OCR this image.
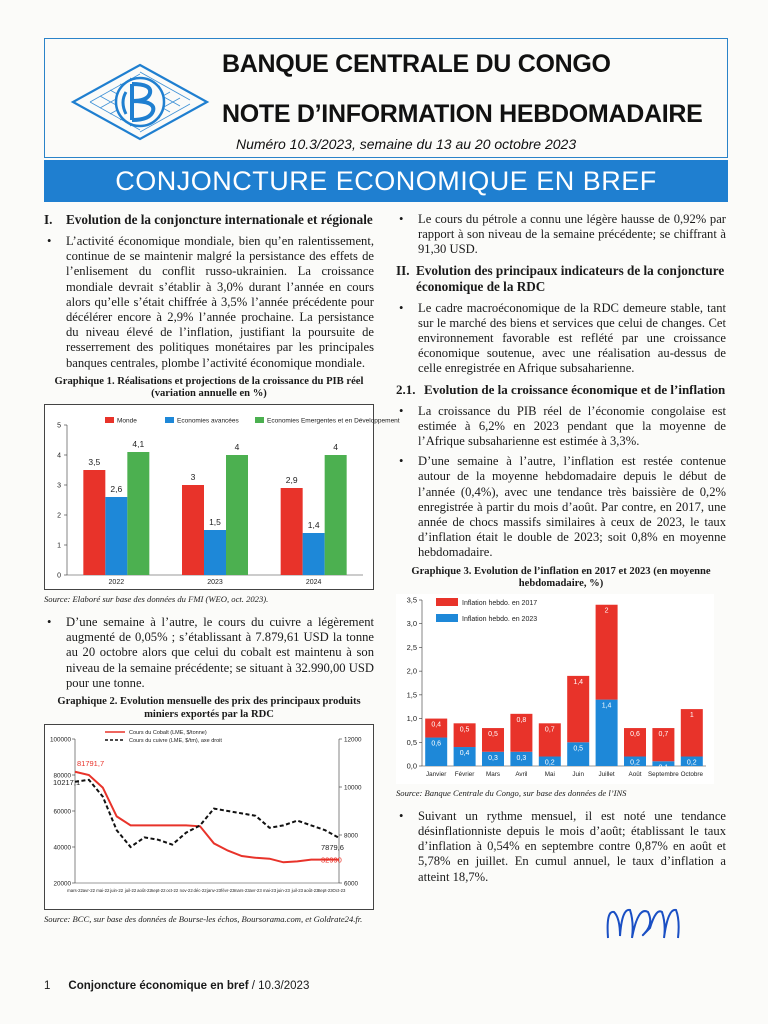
BANQUE CENTRALE DU CONGO
NOTE D’INFORMATION HEBDOMADAIRE
Numéro 10.3/2023, semaine du 13 au 20 octobre 2023
CONJONCTURE ECONOMIQUE EN BREF
I.	Evolution de la conjoncture internationale et régionale
•	L’activité économique mondiale, bien qu’en ralentissement, continue de se maintenir malgré la persistance des effets de l’enlisement du conflit russo-ukrainien. La croissance mondiale devrait s’établir à 3,0% durant l’année en cours alors qu’elle s’était chiffrée à 3,5% l’année précédente pour décélérer encore à 2,9% l’année prochaine. La persistance du niveau élevé de l’inflation, justifiant la poursuite de resserrement des politiques monétaires par les principales banques centrales, plombe l’activité économique mondiale.
Graphique 1. Réalisations et projections de la croissance du PIB réel (variation annuelle en %)
0
1
2
3
4
5
3,5
2,6
4,1
2022
3
1,5
4
2023
2,9
1,4
4
2024
Monde	Economies avancées	Economies Emergentes et en Développement
Source: Elaboré sur base des données du FMI (WEO, oct. 2023).
•	D’une semaine à l’autre, le cours du cuivre a légèrement augmenté de 0,05% ; s’établissant à 7.879,61 USD la tonne au 20 octobre alors que celui du cobalt est maintenu à son niveau de la semaine précédente; se situant à 32.990,00 USD pour une tonne.
Graphique 2. Evolution mensuelle des prix des principaux produits miniers exportés par la RDC
20000
40000
60000
80000
100000
6000
8000
10000
12000
mars-22 avr-22 mai-22 juin-22 juil-22 août-22 sept-22 oct-22 nov-22 déc-22 janv-23 févr-23 mars-23 avr-23 mai-23 juin-23 juil-23 août-23 Sept-23 Oct-23
81791,7
10217,1
7879,6
32990
Cours du Cobalt (LME, $/tonne)
Cours du cuivre (LME, $/tm), axe droit
Source: BCC, sur base des données de Bourse-les échos, Boursorama.com, et Goldrate24.fr.
•	Le cours du pétrole a connu une légère hausse de 0,92% par rapport à son niveau de la semaine précédente; se chiffrant à 91,30 USD.
II. Evolution des principaux indicateurs de la conjoncture économique de la RDC
•	Le cadre macroéconomique de la RDC demeure stable, tant sur le marché des biens et services que celui de changes. Cet environnement favorable est reflété par une croissance économique soutenue, avec une réalisation au-dessus de celle enregistrée en Afrique subsaharienne.
2.1. Evolution de la croissance économique et de l’inflation
•	La croissance du PIB réel de l’économie congolaise est estimée à 6,2% en 2023 pendant que la moyenne de l’Afrique subsaharienne est estimée à 3,3%.
•	D’une semaine à l’autre, l’inflation est restée contenue autour de la moyenne hebdomadaire depuis le début de l’année (0,4%), avec une tendance très baissière de 0,2% enregistrée à partir du mois d’août. Par contre, en 2017, une année de chocs massifs similaires à ceux de 2023, le taux d’inflation était le double de 2023; soit 0,8% en moyenne hebdomadaire.
Graphique 3. Evolution de l’inflation en 2017 et 2023 (en moyenne hebdomadaire, %)
0,0
0,5
1,0
1,5
2,0
2,5
3,0
3,5
0,6
0,4
Janvier
0,4
0,5
Février
0,3
0,5
Mars
0,3
0,8
Avril
0,2
0,7
Mai
0,5
1,4
Juin
1,4
2
Juillet
0,2
0,6
Août
0,1
0,7
Septembre
0,2
1
Octobre
Inflation hebdo. en 2017
Inflation hebdo. en 2023
Source: Banque Centrale du Congo, sur base des données de l’INS
•	Suivant un rythme mensuel, il est noté une tendance désinflationniste depuis le mois d’août; établissant le taux d’inflation à 0,54% en septembre contre 0,87% en août et 5,78% en juillet. En cumul annuel, le taux d’inflation a atteint 18,7%.
1 Conjoncture économique en bref / 10.3/2023
